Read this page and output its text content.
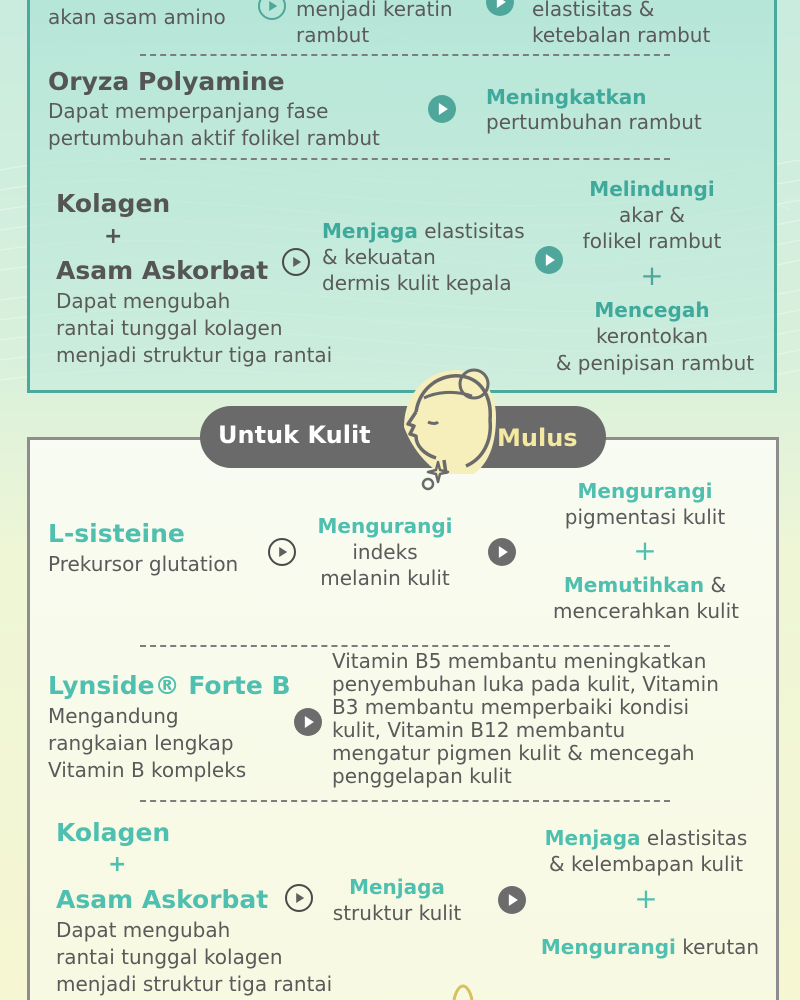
akan asam amino	menjadi keratin
rambut
elastisitas &
ketebalan rambut
Oryza Polyamine
Dapat memperpanjang fase
pertumbuhan aktif folikel rambut
Meningkatkan
pertumbuhan rambut
Kolagen
+
Asam Askorbat
Dapat mengubah
rantai tunggal kolagen
menjadi struktur tiga rantai
Menjaga elastisitas
& kekuatan
dermis kulit kepala
Melindungi
akar &
folikel rambut
+
Mencegah
kerontokan
& penipisan rambut
Untuk Kulit	Mulus
L-sisteine
Prekursor glutation
Mengurangi
indeks
melanin kulit
Mengurangi
pigmentasi kulit
+
Memutihkan &
mencerahkan kulit
Lynside® Forte B
Mengandung
rangkaian lengkap
Vitamin B kompleks
Vitamin B5 membantu meningkatkan
penyembuhan luka pada kulit, Vitamin
B3 membantu memperbaiki kondisi
kulit, Vitamin B12 membantu
mengatur pigmen kulit & mencegah
penggelapan kulit
Kolagen
+
Asam Askorbat
Dapat mengubah
rantai tunggal kolagen
menjadi struktur tiga rantai
Menjaga
struktur kulit
Menjaga elastisitas
& kelembapan kulit
+
Mengurangi kerutan
